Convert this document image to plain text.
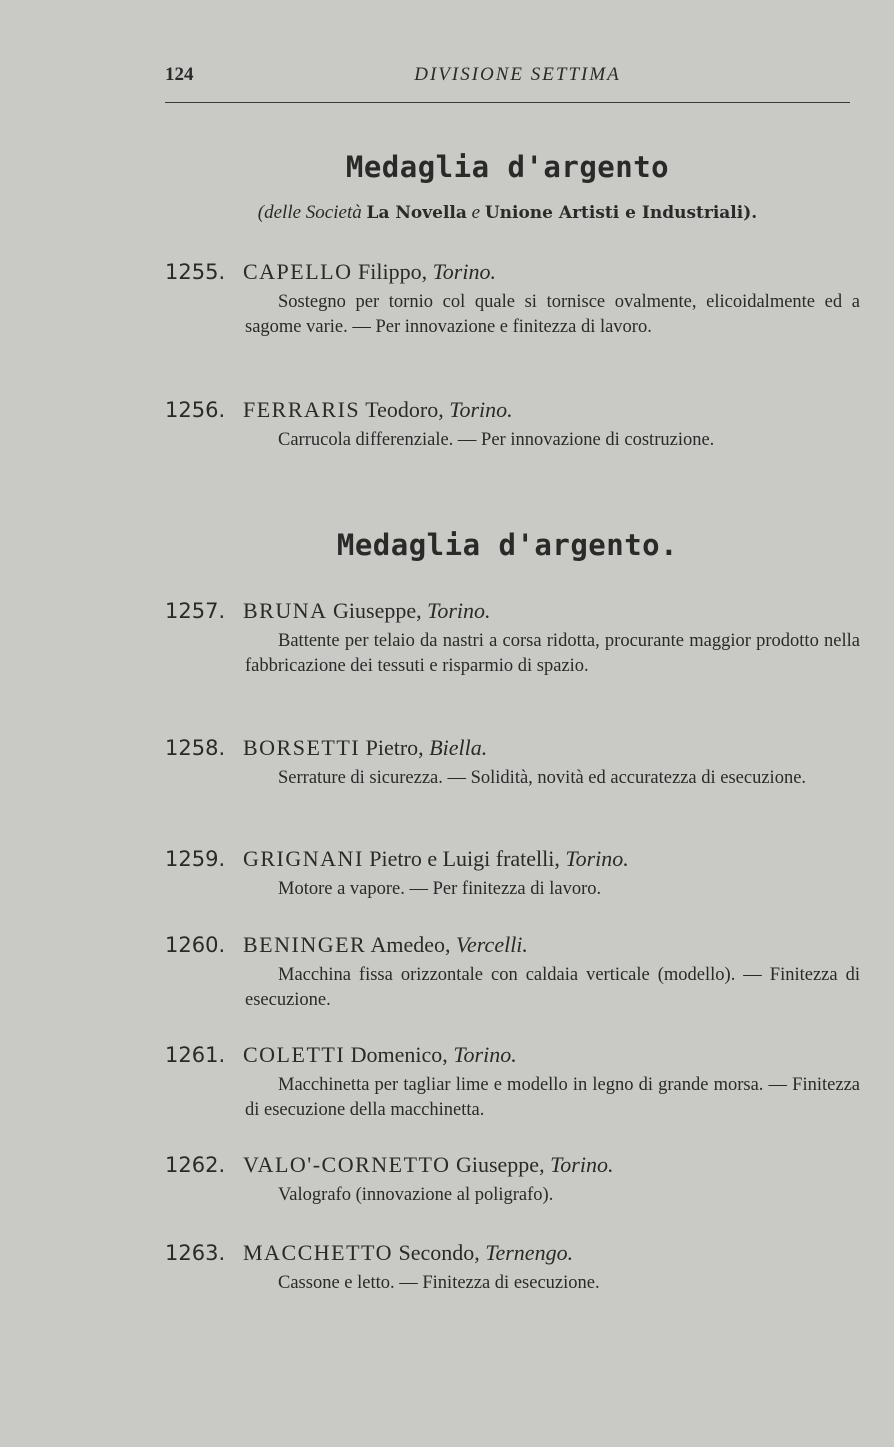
124	DIVISIONE SETTIMA
Medaglia d'argento
(delle Società La Novella e Unione Artisti e Industriali).
1255. CAPELLO Filippo, Torino.
Sostegno per tornio col quale si tornisce ovalmente, elicoidalmente ed a sagome varie. — Per innovazione e finitezza di lavoro.
1256. FERRARIS Teodoro, Torino.
Carrucola differenziale. — Per innovazione di costruzione.
Medaglia d'argento.
1257. BRUNA Giuseppe, Torino.
Battente per telaio da nastri a corsa ridotta, procurante maggior prodotto nella fabbricazione dei tessuti e risparmio di spazio.
1258. BORSETTI Pietro, Biella.
Serrature di sicurezza. — Solidità, novità ed accuratezza di esecuzione.
1259. GRIGNANI Pietro e Luigi fratelli, Torino.
Motore a vapore. — Per finitezza di lavoro.
1260. BENINGER Amedeo, Vercelli.
Macchina fissa orizzontale con caldaia verticale (modello). — Finitezza di esecuzione.
1261. COLETTI Domenico, Torino.
Macchinetta per tagliar lime e modello in legno di grande morsa. — Finitezza di esecuzione della macchinetta.
1262. VALO'-CORNETTO Giuseppe, Torino.
Valografo (innovazione al poligrafo).
1263. MACCHETTO Secondo, Ternengo.
Cassone e letto. — Finitezza di esecuzione.
